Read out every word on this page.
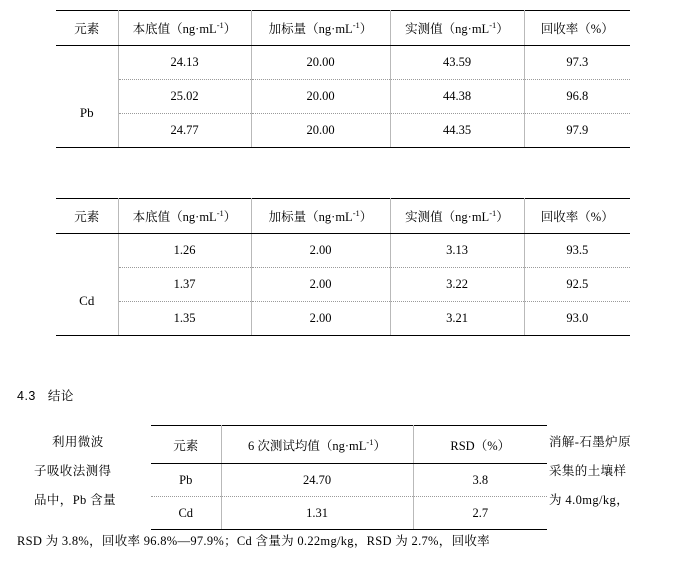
元素	本底值$(ng\cdot mL^{-1})$	加标量$(ng\cdot mL^{-1})$	实测值$(ng\cdot mL^{-1})$	回收率（%）
	24.13	20.00	43.59	97.3
Pb	25.02	20.00	44.38	96.8
	24.77	20.00	44.35	97.9
元素	本底值$(ng\cdot mL^{-1})$	加标量$(ng\cdot mL^{-1})$	实测值$(ng\cdot mL^{-1})$	回收率（%）
	1.26	2.00	3.13	93.5
Cd	1.37	2.00	3.22	92.5
	1.35	2.00	3.21	93.0
4.3 结论
利用微波
子吸收法测得
品中，Pb 含量
消解-石墨炉原
采集的土壤样
为 4.0mg/kg，
元素	6 次测试均值$(ng\cdot mL^{-1})$	RSD（%）
Pb	24.70	3.8
Cd	1.31	2.7
RSD 为 3.8%，回收率 96.8%—97.9%；Cd 含量为 0.22mg/kg，RSD 为 2.7%，回收率
